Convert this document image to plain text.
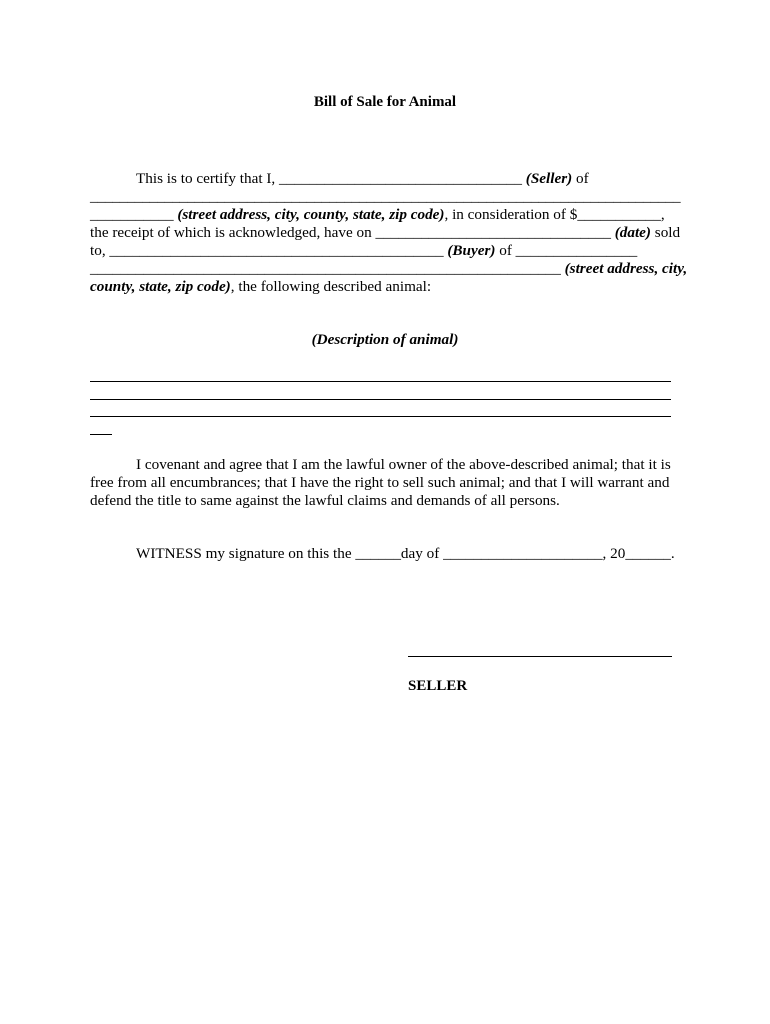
Bill of Sale for Animal
This is to certify that I, ________________________________ (Seller) of
_______________________________________________________________________________
___________ (street address, city, county, state, zip code), in consideration of $___________,
the receipt of which is acknowledged, have on _______________________________ (date) sold
to, ____________________________________________ (Buyer) of ________________
______________________________________________________________ (street address, city,
county, state, zip code), the following described animal:
(Description of animal)
I covenant and agree that I am the lawful owner of the above-described animal; that it is
free from all encumbrances; that I have the right to sell such animal; and that I will warrant and
defend the title to same against the lawful claims and demands of all persons.
WITNESS my signature on this the ______day of _____________________, 20______.
SELLER
